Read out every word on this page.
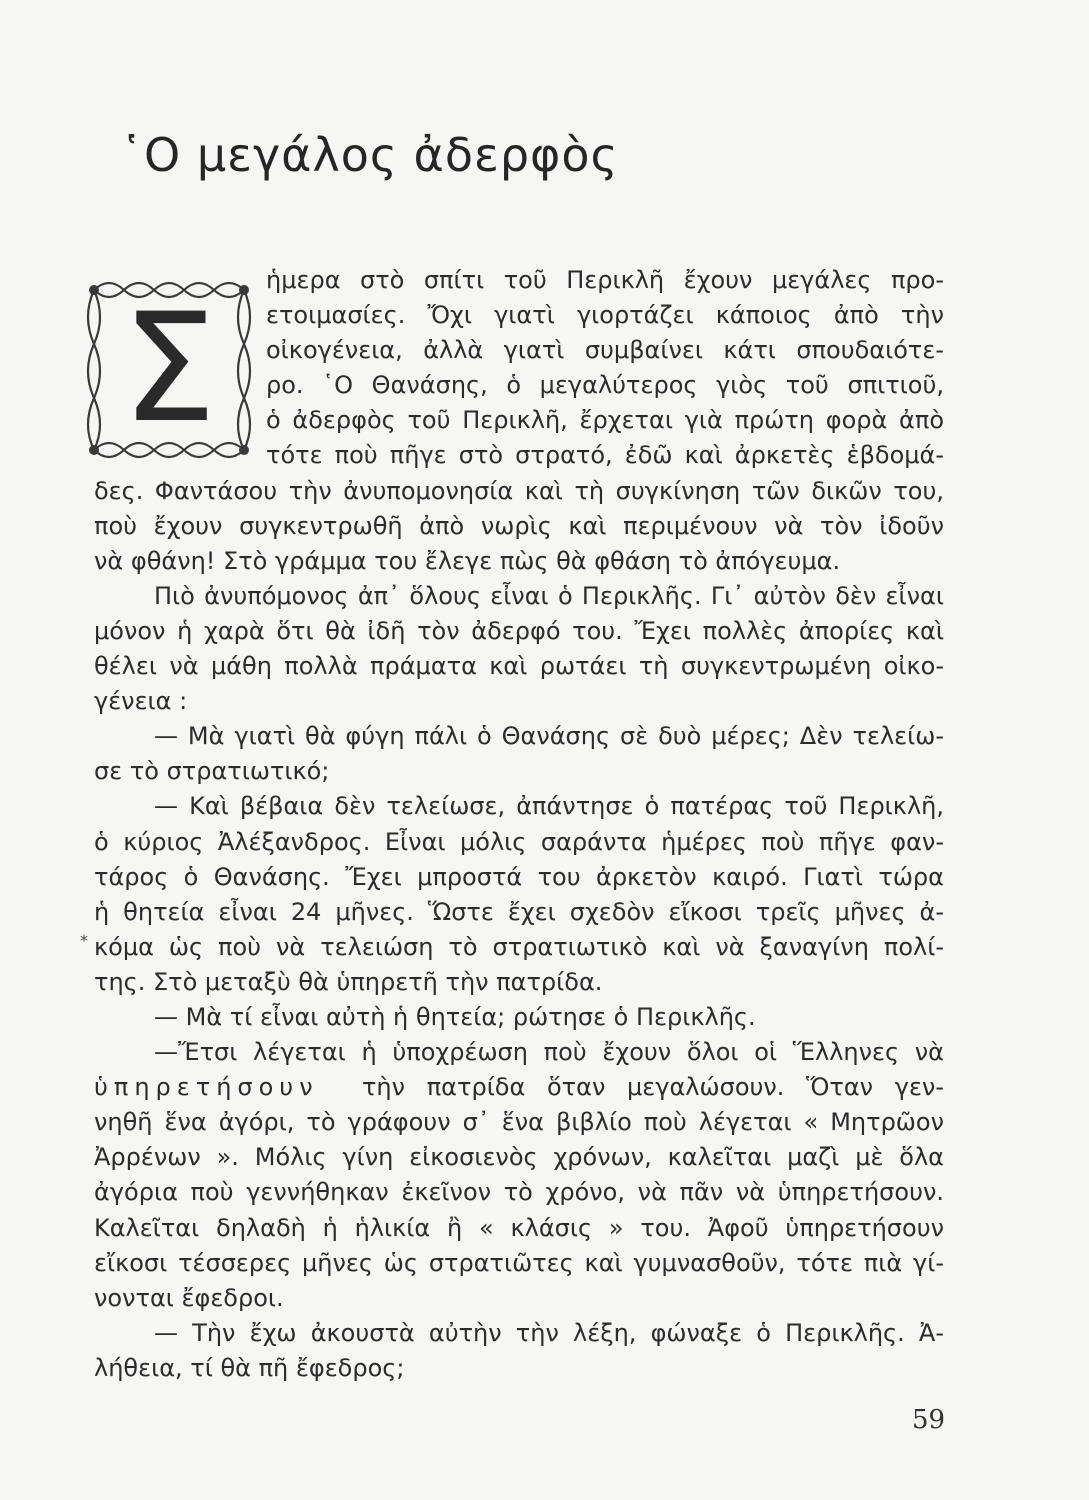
῾Ο μεγάλος ἀδερφὸς
Σ
ἡμερα στὸ σπίτι τοῦ Περικλῆ ἔχουν μεγάλες προ-
ετοιμασίες. Ὄχι γιατὶ γιορτάζει κάποιος ἀπὸ τὴν
οἰκογένεια, ἀλλὰ γιατὶ συμβαίνει κάτι σπουδαιότε-
ρο. ῾Ο Θανάσης, ὁ μεγαλύτερος γιὸς τοῦ σπιτιοῦ,
ὁ ἀδερφὸς τοῦ Περικλῆ, ἔρχεται γιὰ πρώτη φορὰ ἀπὸ
τότε ποὺ πῆγε στὸ στρατό, ἐδῶ καὶ ἀρκετὲς ἑβδομά-
δες. Φαντάσου τὴν ἀνυπομονησία καὶ τὴ συγκίνηση τῶν δικῶν του,
ποὺ ἔχουν συγκεντρωθῆ ἀπὸ νωρὶς καὶ περιμένουν νὰ τὸν ἰδοῦν
νὰ φθάνη! Στὸ γράμμα του ἔλεγε πὼς θὰ φθάση τὸ ἀπόγευμα.
Πιὸ ἀνυπόμονος ἀπ᾽ ὅλους εἶναι ὁ Περικλῆς. Γι᾽ αὐτὸν δὲν εἶναι
μόνον ἡ χαρὰ ὅτι θὰ ἰδῆ τὸν ἀδερφό του. Ἔχει πολλὲς ἀπορίες καὶ
θέλει νὰ μάθη πολλὰ πράματα καὶ ρωτάει τὴ συγκεντρωμένη οἰκο-
γένεια :
— Μὰ γιατὶ θὰ φύγη πάλι ὁ Θανάσης σὲ δυὸ μέρες; Δὲν τελείω-
σε τὸ στρατιωτικό;
— Καὶ βέβαια δὲν τελείωσε, ἀπάντησε ὁ πατέρας τοῦ Περικλῆ,
ὁ κύριος Ἀλέξανδρος. Εἶναι μόλις σαράντα ἡμέρες ποὺ πῆγε φαν-
τάρος ὁ Θανάσης. Ἔχει μπροστά του ἀρκετὸν καιρό. Γιατὶ τώρα
ἡ θητεία εἶναι 24 μῆνες. Ὥστε ἔχει σχεδὸν εἴκοσι τρεῖς μῆνες ἀ-
κόμα ὡς ποὺ νὰ τελειώση τὸ στρατιωτικὸ καὶ νὰ ξαναγίνη πολί-
της. Στὸ μεταξὺ θὰ ὑπηρετῆ τὴν πατρίδα.
— Μὰ τί εἶναι αὐτὴ ἡ θητεία; ρώτησε ὁ Περικλῆς.
—Ἔτσι λέγεται ἡ ὑποχρέωση ποὺ ἔχουν ὅλοι οἱ Ἕλληνες νὰ
ὑπηρετήσουν τὴν πατρίδα ὅταν μεγαλώσουν. Ὅταν γεν-
νηθῆ ἕνα ἀγόρι, τὸ γράφουν σ᾽ ἕνα βιβλίο ποὺ λέγεται « Μητρῶον
Ἀρρένων ». Μόλις γίνη εἰκοσιενὸς χρόνων, καλεῖται μαζὶ μὲ ὅλα
ἀγόρια ποὺ γεννήθηκαν ἐκεῖνον τὸ χρόνο, νὰ πᾶν νὰ ὑπηρετήσουν.
Καλεῖται δηλαδὴ ἡ ἡλικία ἢ « κλάσις » του. Ἀφοῦ ὑπηρετήσουν
εἴκοσι τέσσερες μῆνες ὡς στρατιῶτες καὶ γυμνασθοῦν, τότε πιὰ γί-
νονται ἔφεδροι.
— Τὴν ἔχω ἀκουστὰ αὐτὴν τὴν λέξη, φώναξε ὁ Περικλῆς. Ἀ-
λήθεια, τί θὰ πῆ ἔφεδρος;
*
59
